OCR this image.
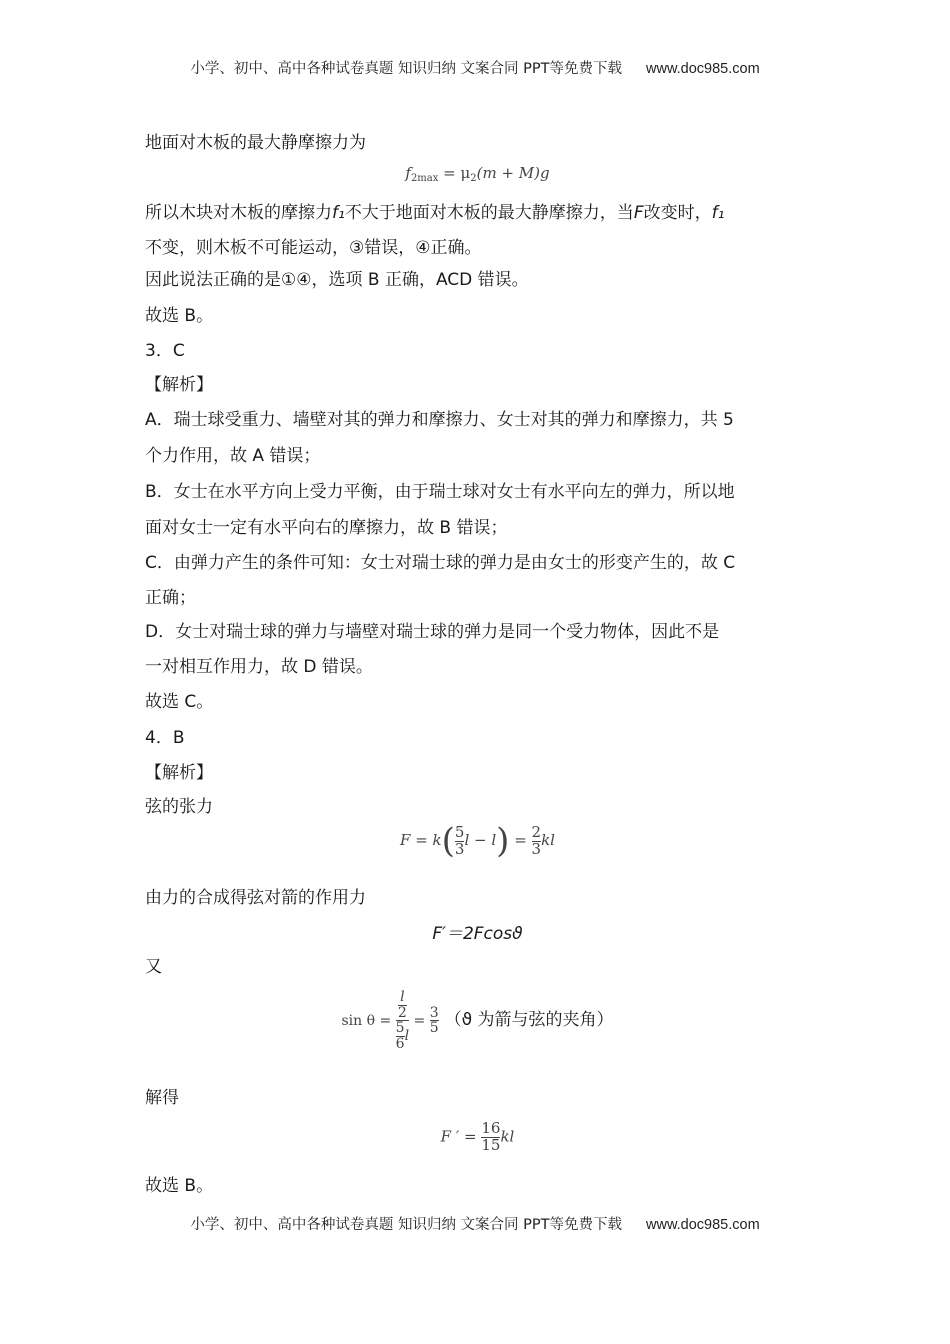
小学、初中、高中各种试卷真题 知识归纳 文案合同 PPT等免费下载 www.doc985.com
地面对木板的最大静摩擦力为
$f_{2max} = \mu_2(m + M)g$
所以木块对木板的摩擦力f₁不大于地面对木板的最大静摩擦力，当F改变时，f₁
不变，则木板不可能运动，③错误，④正确。
因此说法正确的是①④，选项 B 正确，ACD 错误。
故选 B。
3．C
【解析】
A．瑞士球受重力、墙壁对其的弹力和摩擦力、女士对其的弹力和摩擦力，共 5
个力作用，故 A 错误；
B．女士在水平方向上受力平衡，由于瑞士球对女士有水平向左的弹力，所以地
面对女士一定有水平向右的摩擦力，故 B 错误；
C．由弹力产生的条件可知：女士对瑞士球的弹力是由女士的形变产生的，故 C
正确；
D．女士对瑞士球的弹力与墙壁对瑞士球的弹力是同一个受力物体，因此不是
一对相互作用力，故 D 错误。
故选 C。
4．B
【解析】
弦的张力
$F = k( \frac{5}{3}$ $l - l) = \frac{2}{3}$ kl
由力的合成得弦对箭的作用力
F′＝2Fcosϑ
又
$\sin \theta = \frac{\frac{l}{2}}{\frac{5}{6} l} = \frac{3}{5} (ϑ$ 为箭与弦的夹角）
解得
F ′ = $\frac{16}{15}$ kl
故选 B。
小学、初中、高中各种试卷真题 知识归纳 文案合同 PPT等免费下载 www.doc985.com
